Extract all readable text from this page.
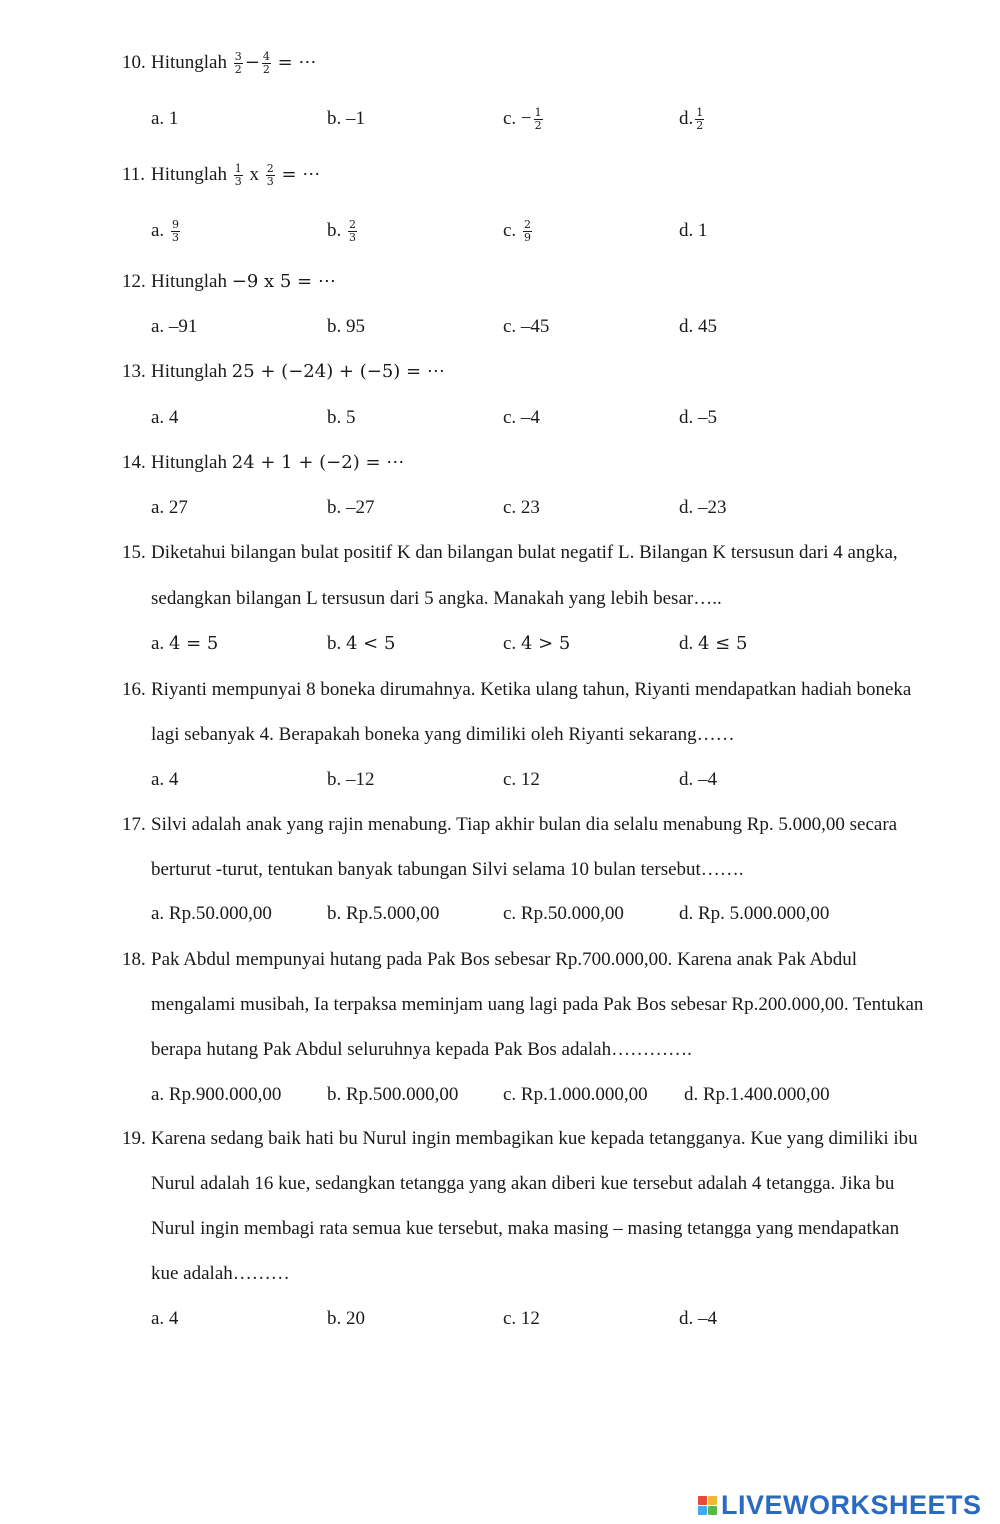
10. Hitunglah $\frac{3}{2} - \frac{4}{2}$ = ⋯
a. 1	b. –1	c. − $\frac{1}{2}$	d. $\frac{1}{2}$
11. Hitunglah $\frac{1}{3}$ x $\frac{2}{3}$ = ⋯
a. $\frac{9}{3}$	b. $\frac{2}{3}$	c. $\frac{2}{9}$	d. 1
12. Hitunglah −9 x 5 = ⋯
a. –91	b. 95	c. –45	d. 45
13. Hitunglah 25 + (−24) + (−5) = ⋯
a. 4	b. 5	c. –4	d. –5
14. Hitunglah 24 + 1 + (−2) = ⋯
a. 27	b. –27	c. 23	d. –23
15. Diketahui bilangan bulat positif K dan bilangan bulat negatif L. Bilangan K tersusun dari 4 angka,
sedangkan bilangan L tersusun dari 5 angka. Manakah yang lebih besar…..
a. 4 = 5	b. 4 < 5	c. 4 > 5	d. 4 ≤ 5
16. Riyanti mempunyai 8 boneka dirumahnya. Ketika ulang tahun, Riyanti mendapatkan hadiah boneka
lagi sebanyak 4. Berapakah boneka yang dimiliki oleh Riyanti sekarang……
a. 4	b. –12	c. 12	d. –4
17. Silvi adalah anak yang rajin menabung. Tiap akhir bulan dia selalu menabung Rp. 5.000,00 secara
berturut -turut, tentukan banyak tabungan Silvi selama 10 bulan tersebut…….
a. Rp.50.000,00	b. Rp.5.000,00	c. Rp.50.000,00	d. Rp. 5.000.000,00
18. Pak Abdul mempunyai hutang pada Pak Bos sebesar Rp.700.000,00. Karena anak Pak Abdul
mengalami musibah, Ia terpaksa meminjam uang lagi pada Pak Bos sebesar Rp.200.000,00. Tentukan
berapa hutang Pak Abdul seluruhnya kepada Pak Bos adalah………….
a. Rp.900.000,00 b. Rp.500.000,00 c. Rp.1.000.000,00 d. Rp.1.400.000,00
19. Karena sedang baik hati bu Nurul ingin membagikan kue kepada tetangganya. Kue yang dimiliki ibu
Nurul adalah 16 kue, sedangkan tetangga yang akan diberi kue tersebut adalah 4 tetangga. Jika bu
Nurul ingin membagi rata semua kue tersebut, maka masing – masing tetangga yang mendapatkan
kue adalah………
a. 4	b. 20	c. 12	d. –4
LIVEWORKSHEETS
